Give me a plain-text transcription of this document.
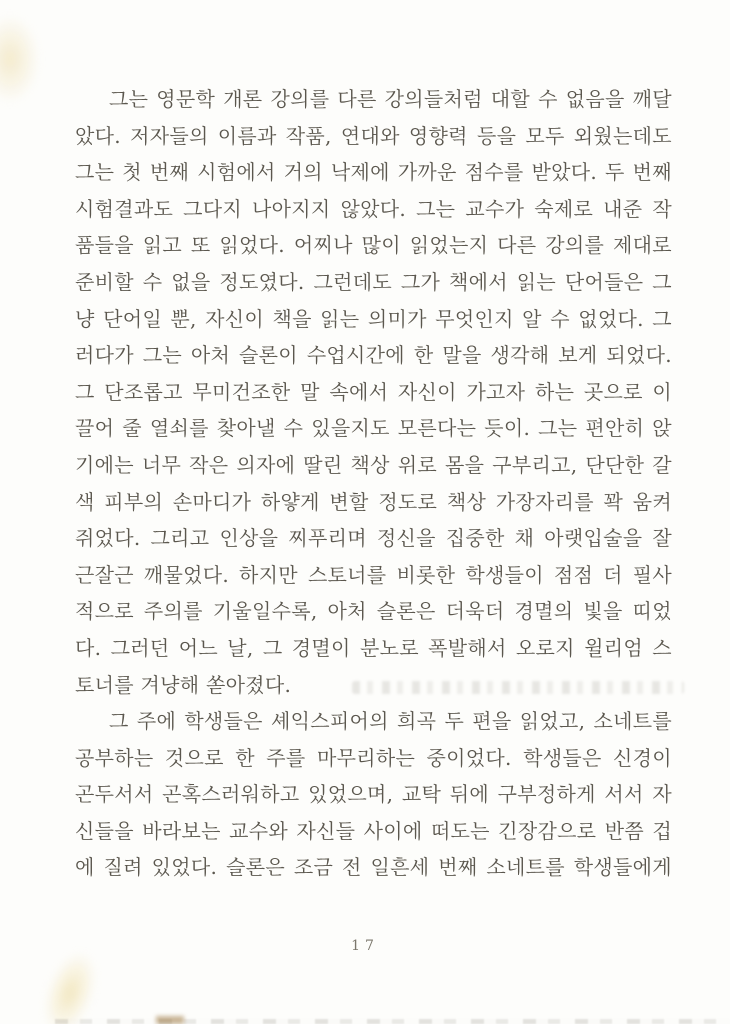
그는 영문학 개론 강의를 다른 강의들처럼 대할 수 없음을 깨달
았다. 저자들의 이름과 작품, 연대와 영향력 등을 모두 외웠는데도
그는 첫 번째 시험에서 거의 낙제에 가까운 점수를 받았다. 두 번째
시험결과도 그다지 나아지지 않았다. 그는 교수가 숙제로 내준 작
품들을 읽고 또 읽었다. 어찌나 많이 읽었는지 다른 강의를 제대로
준비할 수 없을 정도였다. 그런데도 그가 책에서 읽는 단어들은 그
냥 단어일 뿐, 자신이 책을 읽는 의미가 무엇인지 알 수 없었다. 그
러다가 그는 아처 슬론이 수업시간에 한 말을 생각해 보게 되었다.
그 단조롭고 무미건조한 말 속에서 자신이 가고자 하는 곳으로 이
끌어 줄 열쇠를 찾아낼 수 있을지도 모른다는 듯이. 그는 편안히 앉
기에는 너무 작은 의자에 딸린 책상 위로 몸을 구부리고, 단단한 갈
색 피부의 손마디가 하얗게 변할 정도로 책상 가장자리를 꽉 움켜
쥐었다. 그리고 인상을 찌푸리며 정신을 집중한 채 아랫입술을 잘
근잘근 깨물었다. 하지만 스토너를 비롯한 학생들이 점점 더 필사
적으로 주의를 기울일수록, 아처 슬론은 더욱더 경멸의 빛을 띠었
다. 그러던 어느 날, 그 경멸이 분노로 폭발해서 오로지 윌리엄 스
토너를 겨냥해 쏟아졌다.
그 주에 학생들은 셰익스피어의 희곡 두 편을 읽었고, 소네트를
공부하는 것으로 한 주를 마무리하는 중이었다. 학생들은 신경이
곤두서서 곤혹스러워하고 있었으며, 교탁 뒤에 구부정하게 서서 자
신들을 바라보는 교수와 자신들 사이에 떠도는 긴장감으로 반쯤 겁
에 질려 있었다. 슬론은 조금 전 일흔세 번째 소네트를 학생들에게
17
